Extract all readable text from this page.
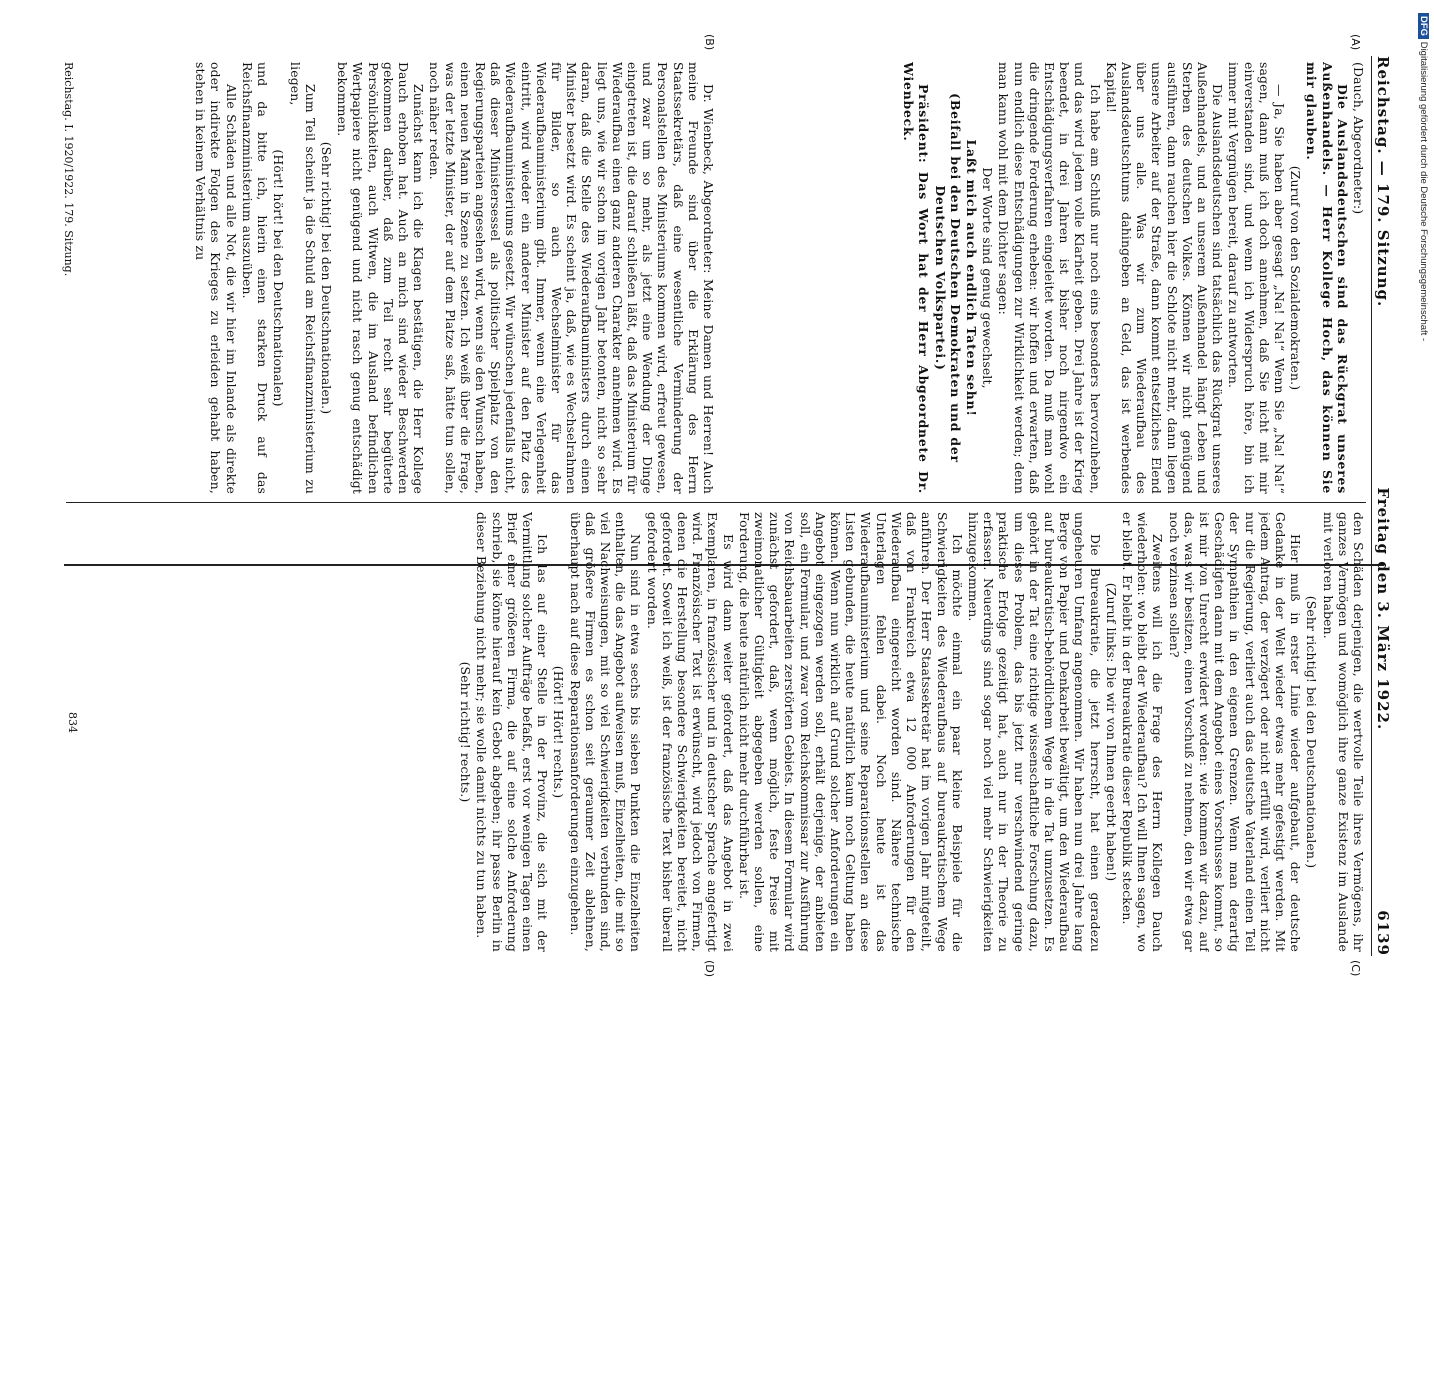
Reichstag. — 179. Sitzung.
Freitag den 3. März 1922.
6139

(Dauch, Abgeordneter:)

Die Auslandsdeutschen sind das Rückgrat unseres Außenhandels. — Herr Kollege Hoch, das können Sie mir glauben.

(Zuruf von den Sozialdemokraten.)

— Ja, Sie haben aber gesagt „Na! Na!“ Wenn Sie „Na! Na!“ sagen, dann muß ich doch annehmen, daß Sie nicht mit mir einverstanden sind, und wenn ich Widerspruch höre, bin ich immer mit Vergnügen bereit, darauf zu antworten.

Die Auslandsdeutschen sind tatsächlich das Rückgrat unseres Außenhandels, und an unserem Außenhandel hängt Leben und Sterben des deutschen Volkes. Können wir nicht genügend ausführen, dann rauchen hier die Schlote nicht mehr, dann liegen unsere Arbeiter auf der Straße, dann kommt entsetzliches Elend über uns alle. Was wir zum Wiederaufbau des Auslandsdeutschtums dahingeben an Geld, das ist werbendes Kapital!

Ich habe am Schluß nur noch eins besonders hervorzuheben, und das wird jedem volle Klarheit geben. Drei Jahre ist der Krieg beendet, in drei Jahren ist bisher noch nirgendwo ein Entschädigungsverfahren eingeleitet worden. Da muß man wohl die dringende Forderung erheben: wir hoffen und erwarten, daß nun endlich diese Entschädigungen zur Wirklichkeit werden; denn man kann wohl mit dem Dichter sagen:

Der Worte sind genug gewechselt,

Laßt mich auch endlich Taten sehn!

(Beifall bei den Deutschen Demokraten und der Deutschen Volkspartei.)

Präsident: Das Wort hat der Herr Abgeordnete Dr. Wienbeck.

Dr. Wienbeck, Abgeordneter: Meine Damen und Herren! Auch meine Freunde sind über die Erklärung des Herrn Staatssekretärs, daß eine wesentliche Verminderung der Personalstellen des Ministeriums kommen wird, erfreut gewesen, und zwar um so mehr, als jetzt eine Wendung der Dinge eingetreten ist, die darauf schließen läßt, daß das Ministerium für Wiederaufbau einen ganz anderen Charakter annehmen wird. Es liegt uns, wie wir schon im vorigen Jahr betonten, nicht so sehr daran, daß die Stelle des Wiederaufbauministers durch einen Minister besetzt wird. Es scheint ja, daß, wie es Wechselrahmen für Bilder, so auch Wechselminister für das Wiederaufbauministerium gibt. Immer, wenn eine Verlegenheit eintritt, wird wieder ein anderer Minister auf den Platz des Wiederaufbauministeriums gesetzt. Wir wünschen jedenfalls nicht, daß dieser Ministersessel als politischer Spielplatz von den Regierungsparteien angesehen wird, wenn sie den Wunsch haben, einen neuen Mann in Szene zu setzen. Ich weiß über die Frage, was der letzte Minister, der auf dem Platze saß, hätte tun sollen, noch näher reden.

Zunächst kann ich die Klagen bestätigen, die Herr Kollege Dauch erhoben hat. Auch an mich sind wieder Beschwerden gekommen darüber, daß zum Teil recht sehr begüterte Persönlichkeiten, auch Witwen, die im Ausland befindlichen Wertpapiere nicht genügend und nicht rasch genug entschädigt bekommen.

(Sehr richtig! bei den Deutschnationalen.)

Zum Teil scheint ja die Schuld am Reichsfinanzministerium zu liegen,

(Hört! hört! bei den Deutschnationalen)

und da bitte ich, hierin einen starken Druck auf das Reichsfinanzministerium auszuüben.

Alle Schäden und alle Not, die wir hier im Inlande als direkte oder indirekte Folgen des Krieges zu erleiden gehabt haben, stehen in keinem Verhältnis zu

Reichstag. I. 1920/1922. 179. Sitzung.

den Schäden derjenigen, die wertvolle Teile ihres Vermögens, ihr ganzes Vermögen und womöglich ihre ganze Existenz im Auslande mit verloren haben.

(Sehr richtig! bei den Deutschnationalen.)

Hier muß in erster Linie wieder aufgebaut, der deutsche Gedanke in der Welt wieder etwas mehr gefestigt werden. Mit jedem Antrag, der verzögert oder nicht erfüllt wird, verliert nicht nur die Regierung, verliert auch das deutsche Vaterland einen Teil der Sympathien in den eigenen Grenzen. Wenn man derartig Geschädigten dann mit dem Angebot eines Vorschusses kommt, so ist mir von Unrecht erwidert worden: wie kommen wir dazu, auf das, was wir besitzen, einen Vorschuß zu nehmen, den wir etwa gar noch verzinsen sollen?

Zweitens will ich die Frage des Herrn Kollegen Dauch wiederholen: wo bleibt der Wiederaufbau? Ich will Ihnen sagen, wo er bleibt. Er bleibt in der Bureaukratie dieser Republik stecken.

(Zuruf links: Die wir von Ihnen geerbt haben!)

Die Bureaukratie, die jetzt herrscht, hat einen geradezu ungeheuren Umfang angenommen. Wir haben nun drei Jahre lang Berge von Papier und Denkarbeit bewältigt, um den Wiederaufbau auf bureaukratisch-behördlichem Wege in die Tat umzusetzen. Es gehört in der Tat eine richtige wissenschaftliche Forschung dazu, um dieses Problem, das bis jetzt nur verschwindend geringe praktische Erfolge gezeitigt hat, auch nur in der Theorie zu erfassen. Neuerdings sind sogar noch viel mehr Schwierigkeiten hinzugekommen.

Ich möchte einmal ein paar kleine Beispiele für die Schwierigkeiten des Wiederaufbaus auf bureaukratischem Wege anführen. Der Herr Staatssekretär hat im vorigen Jahr mitgeteilt, daß von Frankreich etwa 12 000 Anforderungen für den Wiederaufbau eingereicht worden sind. Nähere technische Unterlagen fehlen dabei. Noch heute ist das Wiederaufbauministerium und seine Reparationsstellen an diese Listen gebunden, die heute natürlich kaum noch Geltung haben können. Wenn nun wirklich auf Grund solcher Anforderungen ein Angebot eingezogen werden soll, erhält derjenige, der anbieten soll, ein Formular, und zwar vom Reichskommissar zur Ausführung von Reichsbauarbeiten zerstörten Gebiets. In diesem Formular wird zunächst gefordert, daß, wenn möglich, feste Preise mit zweimonatlicher Gültigkeit abgegeben werden sollen, eine Forderung, die heute natürlich nicht mehr durchführbar ist.

Es wird dann weiter gefordert, daß das Angebot in zwei Exemplaren, in französischer und in deutscher Sprache angefertigt wird. Französischer Text ist erwünscht, wird jedoch von Firmen, denen die Herstellung besondere Schwierigkeiten bereitet, nicht gefordert. Soweit ich weiß, ist der französische Text bisher überall gefordert worden.

Nun sind in etwa sechs bis sieben Punkten die Einzelheiten enthalten, die das Angebot aufweisen muß, Einzelheiten, die mit so viel Nachweisungen, mit so viel Schwierigkeiten verbunden sind, daß größere Firmen es schon seit geraumer Zeit ablehnen, überhaupt nach auf diese Reparationsanforderungen einzugehen.

(Hört! Hört! rechts.)

Ich las auf einer Stelle in der Provinz, die sich mit der Vermittlung solcher Aufträge befaßt, erst vor wenigen Tagen einen Brief einer größeren Firma, die auf eine solche Anforderung schrieb, sie könne hierauf kein Gebot abgeben; ihr passe Berlin in dieser Beziehung nicht mehr; sie wolle damit nichts zu tun haben.

(Sehr richtig! rechts.)

834
(A)
(B)
(C)
(D)
DFG Digitalisierung gefördert durch die Deutsche Forschungsgemeinschaft -
